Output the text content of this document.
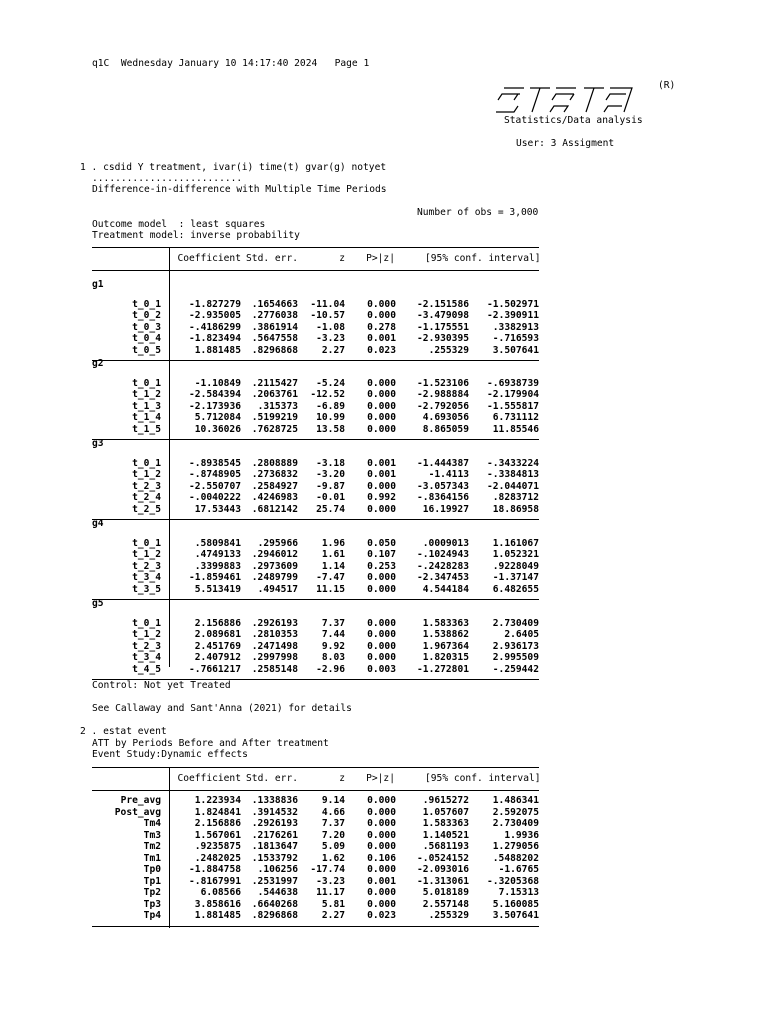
q1C  Wednesday January 10 14:17:40 2024   Page 1
(R)
Statistics/Data analysis
User: 3 Assigment
1 . csdid Y treatment, ivar(i) time(t) gvar(g) notyet
..........................
Difference-in-difference with Multiple Time Periods
Number of obs = 3,000
Outcome model  : least squares
Treatment model: inverse probability
Coefficient Std. err.	z	P>|z|	[95% conf. interval]
g1
t_0_1	-1.827279	.1654663	-11.04	0.000	-2.151586	-1.502971
t_0_2	-2.935005	.2776038	-10.57	0.000	-3.479098	-2.390911
t_0_3	-.4186299	.3861914	-1.08	0.278	-1.175551	.3382913
t_0_4	-1.823494	.5647558	-3.23	0.001	-2.930395	-.716593
t_0_5	1.881485	.8296868	2.27	0.023	.255329	3.507641
g2
t_0_1	-1.10849	.2115427	-5.24	0.000	-1.523106	-.6938739
t_1_2	-2.584394	.2063761	-12.52	0.000	-2.988884	-2.179904
t_1_3	-2.173936	.315373	-6.89	0.000	-2.792056	-1.555817
t_1_4	5.712084	.5199219	10.99	0.000	4.693056	6.731112
t_1_5	10.36026	.7628725	13.58	0.000	8.865059	11.85546
g3
t_0_1	-.8938545	.2808889	-3.18	0.001	-1.444387	-.3433224
t_1_2	-.8748905	.2736832	-3.20	0.001	-1.4113	-.3384813
t_2_3	-2.550707	.2584927	-9.87	0.000	-3.057343	-2.044071
t_2_4	-.0040222	.4246983	-0.01	0.992	-.8364156	.8283712
t_2_5	17.53443	.6812142	25.74	0.000	16.19927	18.86958
g4
t_0_1	.5809841	.295966	1.96	0.050	.0009013	1.161067
t_1_2	.4749133	.2946012	1.61	0.107	-.1024943	1.052321
t_2_3	.3399883	.2973609	1.14	0.253	-.2428283	.9228049
t_3_4	-1.859461	.2489799	-7.47	0.000	-2.347453	-1.37147
t_3_5	5.513419	.494517	11.15	0.000	4.544184	6.482655
g5
t_0_1	2.156886	.2926193	7.37	0.000	1.583363	2.730409
t_1_2	2.089681	.2810353	7.44	0.000	1.538862	2.6405
t_2_3	2.451769	.2471498	9.92	0.000	1.967364	2.936173
t_3_4	2.407912	.2997998	8.03	0.000	1.820315	2.995509
t_4_5	-.7661217	.2585148	-2.96	0.003	-1.272801	-.259442
Control: Not yet Treated
See Callaway and Sant'Anna (2021) for details
2 . estat event
ATT by Periods Before and After treatment
Event Study:Dynamic effects
Coefficient Std. err.	z	P>|z|	[95% conf. interval]
Pre_avg	1.223934	.1338836	9.14	0.000	.9615272	1.486341
Post_avg	1.824841	.3914532	4.66	0.000	1.057607	2.592075
Tm4	2.156886	.2926193	7.37	0.000	1.583363	2.730409
Tm3	1.567061	.2176261	7.20	0.000	1.140521	1.9936
Tm2	.9235875	.1813647	5.09	0.000	.5681193	1.279056
Tm1	.2482025	.1533792	1.62	0.106	-.0524152	.5488202
Tp0	-1.884758	.106256	-17.74	0.000	-2.093016	-1.6765
Tp1	-.8167991	.2531997	-3.23	0.001	-1.313061	-.3205368
Tp2	6.08566	.544638	11.17	0.000	5.018189	7.15313
Tp3	3.858616	.6640268	5.81	0.000	2.557148	5.160085
Tp4	1.881485	.8296868	2.27	0.023	.255329	3.507641
